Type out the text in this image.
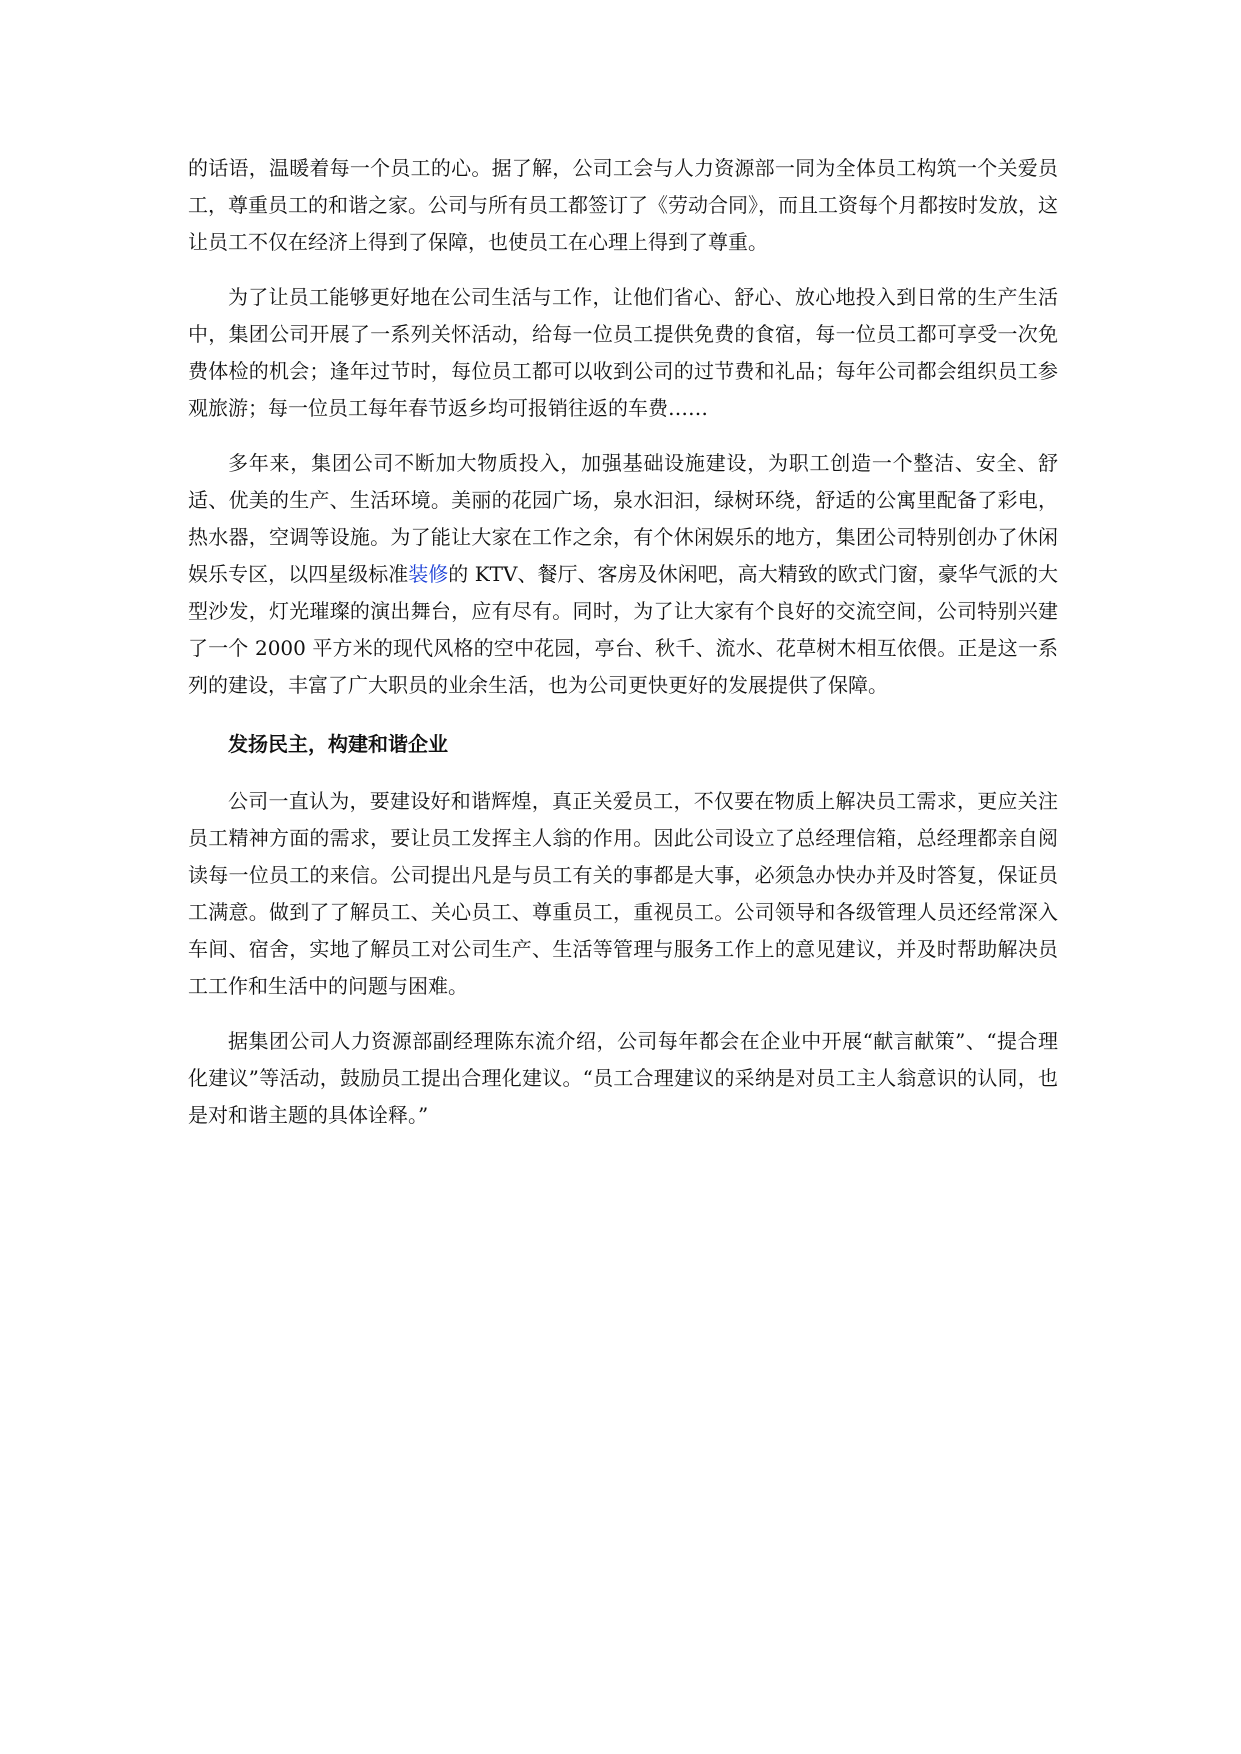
的话语，温暖着每一个员工的心。据了解，公司工会与人力资源部一同为全体员工构筑一个关爱员工，尊重员工的和谐之家。公司与所有员工都签订了《劳动合同》，而且工资每个月都按时发放，这让员工不仅在经济上得到了保障，也使员工在心理上得到了尊重。

为了让员工能够更好地在公司生活与工作，让他们省心、舒心、放心地投入到日常的生产生活中，集团公司开展了一系列关怀活动，给每一位员工提供免费的食宿，每一位员工都可享受一次免费体检的机会；逢年过节时，每位员工都可以收到公司的过节费和礼品；每年公司都会组织员工参观旅游；每一位员工每年春节返乡均可报销往返的车费……

多年来，集团公司不断加大物质投入，加强基础设施建设，为职工创造一个整洁、安全、舒适、优美的生产、生活环境。美丽的花园广场，泉水汩汩，绿树环绕，舒适的公寓里配备了彩电，热水器，空调等设施。为了能让大家在工作之余，有个休闲娱乐的地方，集团公司特别创办了休闲娱乐专区，以四星级标准装修的 KTV、餐厅、客房及休闲吧，高大精致的欧式门窗，豪华气派的大型沙发，灯光璀璨的演出舞台，应有尽有。同时，为了让大家有个良好的交流空间，公司特别兴建了一个 2000 平方米的现代风格的空中花园，亭台、秋千、流水、花草树木相互依偎。正是这一系列的建设，丰富了广大职员的业余生活，也为公司更快更好的发展提供了保障。

发扬民主，构建和谐企业

公司一直认为，要建设好和谐辉煌，真正关爱员工，不仅要在物质上解决员工需求，更应关注员工精神方面的需求，要让员工发挥主人翁的作用。因此公司设立了总经理信箱，总经理都亲自阅读每一位员工的来信。公司提出凡是与员工有关的事都是大事，必须急办快办并及时答复，保证员工满意。做到了了解员工、关心员工、尊重员工，重视员工。公司领导和各级管理人员还经常深入车间、宿舍，实地了解员工对公司生产、生活等管理与服务工作上的意见建议，并及时帮助解决员工工作和生活中的问题与困难。

据集团公司人力资源部副经理陈东流介绍，公司每年都会在企业中开展“献言献策”、“提合理化建议”等活动，鼓励员工提出合理化建议。“员工合理建议的采纳是对员工主人翁意识的认同，也是对和谐主题的具体诠释。”
